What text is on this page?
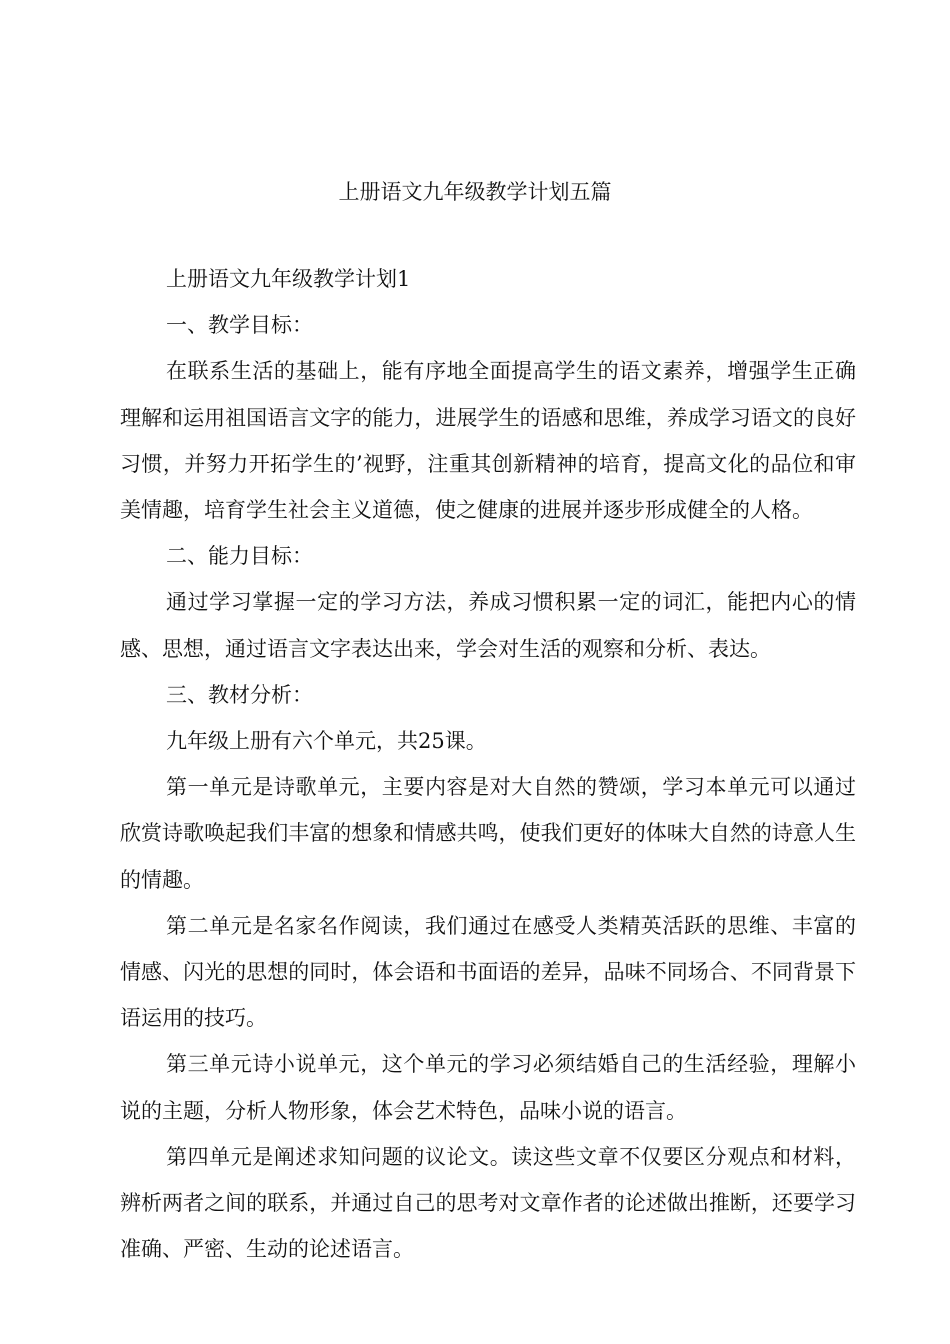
上册语文九年级教学计划五篇

上册语文九年级教学计划1

一、教学目标：

在联系生活的基础上，能有序地全面提高学生的语文素养，增强学生正确理解和运用祖国语言文字的能力，进展学生的语感和思维，养成学习语文的良好习惯，并努力开拓学生的’视野，注重其创新精神的培育，提高文化的品位和审美情趣，培育学生社会主义道德，使之健康的进展并逐步形成健全的人格。

二、能力目标：

通过学习掌握一定的学习方法，养成习惯积累一定的词汇，能把内心的情感、思想，通过语言文字表达出来，学会对生活的观察和分析、表达。

三、教材分析：

九年级上册有六个单元，共25课。

第一单元是诗歌单元，主要内容是对大自然的赞颂，学习本单元可以通过欣赏诗歌唤起我们丰富的想象和情感共鸣，使我们更好的体味大自然的诗意人生的情趣。

第二单元是名家名作阅读，我们通过在感受人类精英活跃的思维、丰富的情感、闪光的思想的同时，体会语和书面语的差异，品味不同场合、不同背景下语运用的技巧。

第三单元诗小说单元，这个单元的学习必须结婚自己的生活经验，理解小说的主题，分析人物形象，体会艺术特色，品味小说的语言。

第四单元是阐述求知问题的议论文。读这些文章不仅要区分观点和材料，辨析两者之间的联系，并通过自己的思考对文章作者的论述做出推断，还要学习准确、严密、生动的论述语言。
